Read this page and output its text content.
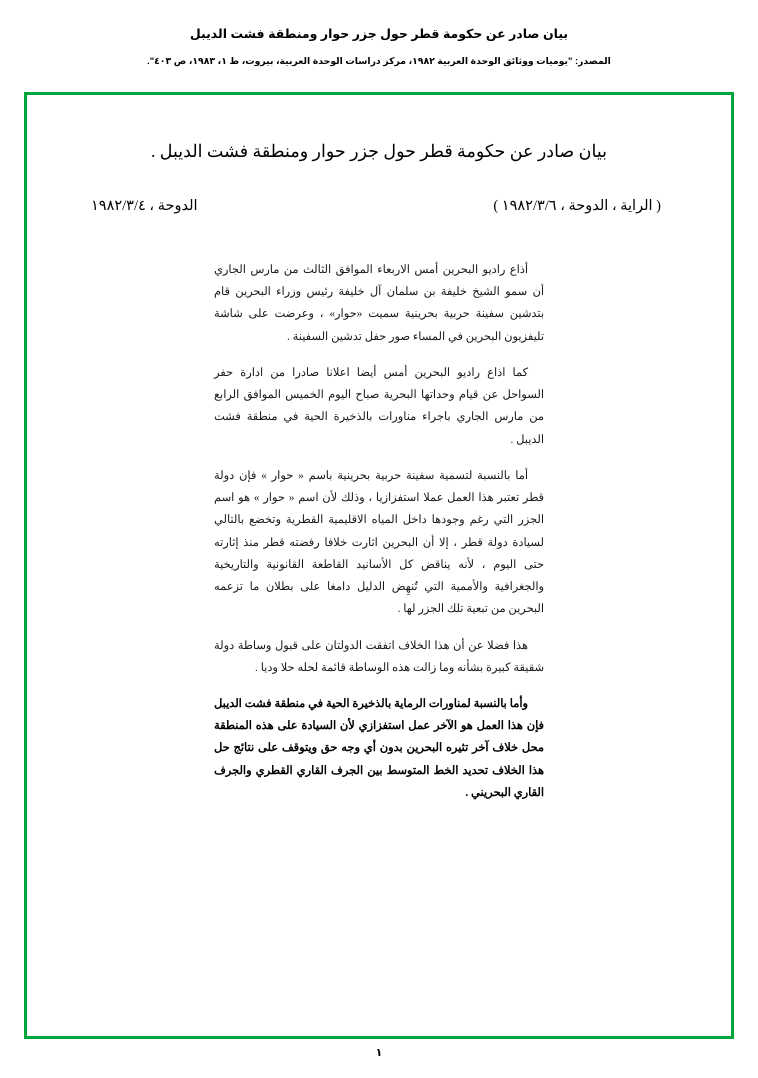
بيان صادر عن حكومة قطر حول جزر حوار ومنطقة فشت الديبل
المصدر: "يوميات ووثائق الوحدة العربية ١٩٨٢، مركز دراسات الوحدة العربية، بيروت، ط ١، ١٩٨٣، ص ٤٠٣".
بيان صادر عن حكومة قطر حول جزر حوار ومنطقة فشت الديبل .
( الراية ، الدوحة ، ١٩٨٢/٣/٦ )
الدوحة ، ١٩٨٢/٣/٤

أذاع راديو البحرين أمس الاربعاء الموافق الثالث من مارس الجاري أن سمو الشيخ خليفة بن سلمان آل خليفة رئيس وزراء البحرين قام بتدشين سفينة حربية بحرينية سميت «حوار» ، وعرضت على شاشة تليفزيون البحرين في المساء صور حفل تدشين السفينة .

كما اذاع راديو البحرين أمس أيضا اعلانا صادرا من ادارة حفر السواحل عن قيام وحداتها البحرية صباح اليوم الخميس الموافق الرابع من مارس الجاري باجراء مناورات بالذخيرة الحية في منطقة فشت الديبل .

أما بالنسبة لتسمية سفينة حربية بحرينية باسم « حوار » فإن دولة قطر تعتبر هذا العمل عملا استفزازيا ، وذلك لأن اسم « حوار » هو اسم الجزر التي رغم وجودها داخل المياه الاقليمية القطرية وتخضع بالتالي لسيادة دولة قطر ، إلا أن البحرين اثارت خلافا رفضته قطر منذ إثارته حتى اليوم ، لأنه يناقض كل الأسانيد القاطعة القانونية والتاريخية والجغرافية والأممية التي تُنهِض الدليل دامغا على بطلان ما تزعمه البحرين من تبعية تلك الجزر لها .

هذا فضلا عن أن هذا الخلاف اتفقت الدولتان على قبول وساطة دولة شقيقة كبيرة بشأنه وما زالت هذه الوساطة قائمة لحله حلا وديا .

وأما بالنسبة لمناورات الرماية بالذخيرة الحية في منطقة فشت الديبل فإن هذا العمل هو الآخر عمل استفزازي لأن السيادة على هذه المنطقة محل خلاف آخر تثيره البحرين بدون أي وجه حق ويتوقف على نتائج حل هذا الخلاف تحديد الخط المتوسط بين الجرف القاري القطري والجرف القاري البحريني .

١
